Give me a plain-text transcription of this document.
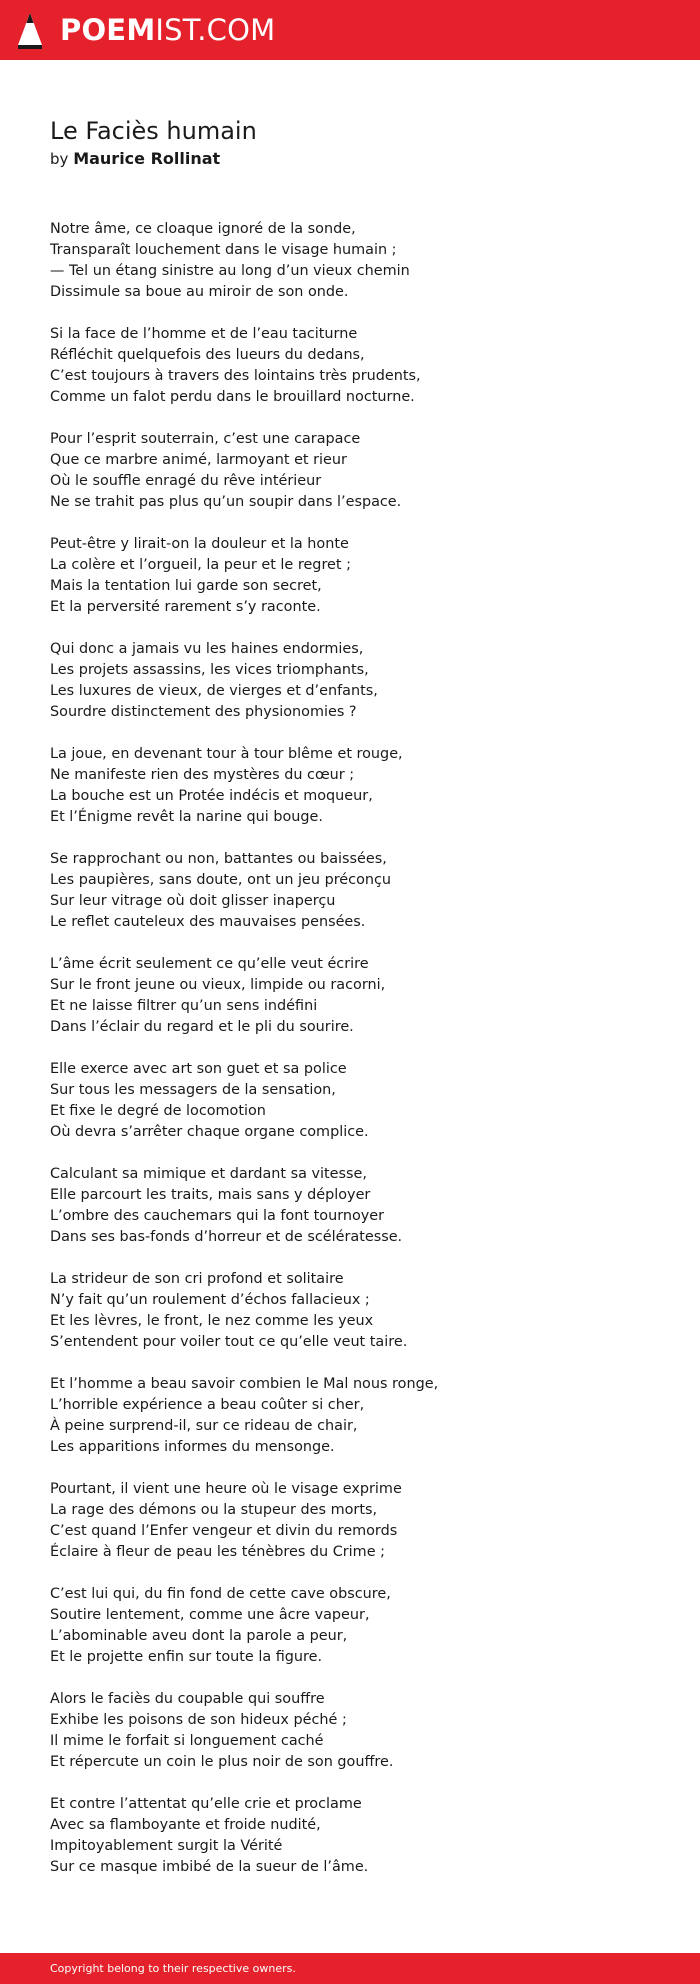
POEM IST.COM
Le Faciès humain
by Maurice Rollinat
Notre âme, ce cloaque ignoré de la sonde,
Transparaît louchement dans le visage humain ;
— Tel un étang sinistre au long d’un vieux chemin
Dissimule sa boue au miroir de son onde.
Si la face de l’homme et de l’eau taciturne
Réfléchit quelquefois des lueurs du dedans,
C’est toujours à travers des lointains très prudents,
Comme un falot perdu dans le brouillard nocturne.
Pour l’esprit souterrain, c’est une carapace
Que ce marbre animé, larmoyant et rieur
Où le souffle enragé du rêve intérieur
Ne se trahit pas plus qu’un soupir dans l’espace.
Peut-être y lirait-on la douleur et la honte
La colère et l’orgueil, la peur et le regret ;
Mais la tentation lui garde son secret,
Et la perversité rarement s’y raconte.
Qui donc a jamais vu les haines endormies,
Les projets assassins, les vices triomphants,
Les luxures de vieux, de vierges et d’enfants,
Sourdre distinctement des physionomies ?
La joue, en devenant tour à tour blême et rouge,
Ne manifeste rien des mystères du cœur ;
La bouche est un Protée indécis et moqueur,
Et l’Énigme revêt la narine qui bouge.
Se rapprochant ou non, battantes ou baissées,
Les paupières, sans doute, ont un jeu préconçu
Sur leur vitrage où doit glisser inaperçu
Le reflet cauteleux des mauvaises pensées.
L’âme écrit seulement ce qu’elle veut écrire
Sur le front jeune ou vieux, limpide ou racorni,
Et ne laisse filtrer qu’un sens indéfini
Dans l’éclair du regard et le pli du sourire.
Elle exerce avec art son guet et sa police
Sur tous les messagers de la sensation,
Et fixe le degré de locomotion
Où devra s’arrêter chaque organe complice.
Calculant sa mimique et dardant sa vitesse,
Elle parcourt les traits, mais sans y déployer
L’ombre des cauchemars qui la font tournoyer
Dans ses bas-fonds d’horreur et de scélératesse.
La strideur de son cri profond et solitaire
N’y fait qu’un roulement d’échos fallacieux ;
Et les lèvres, le front, le nez comme les yeux
S’entendent pour voiler tout ce qu’elle veut taire.
Et l’homme a beau savoir combien le Mal nous ronge,
L’horrible expérience a beau coûter si cher,
À peine surprend-il, sur ce rideau de chair,
Les apparitions informes du mensonge.
Pourtant, il vient une heure où le visage exprime
La rage des démons ou la stupeur des morts,
C’est quand l’Enfer vengeur et divin du remords
Éclaire à fleur de peau les ténèbres du Crime ;
C’est lui qui, du fin fond de cette cave obscure,
Soutire lentement, comme une âcre vapeur,
L’abominable aveu dont la parole a peur,
Et le projette enfin sur toute la figure.
Alors le faciès du coupable qui souffre
Exhibe les poisons de son hideux péché ;
Il mime le forfait si longuement caché
Et répercute un coin le plus noir de son gouffre.
Et contre l’attentat qu’elle crie et proclame
Avec sa flamboyante et froide nudité,
Impitoyablement surgit la Vérité
Sur ce masque imbibé de la sueur de l’âme.
Copyright belong to their respective owners.
